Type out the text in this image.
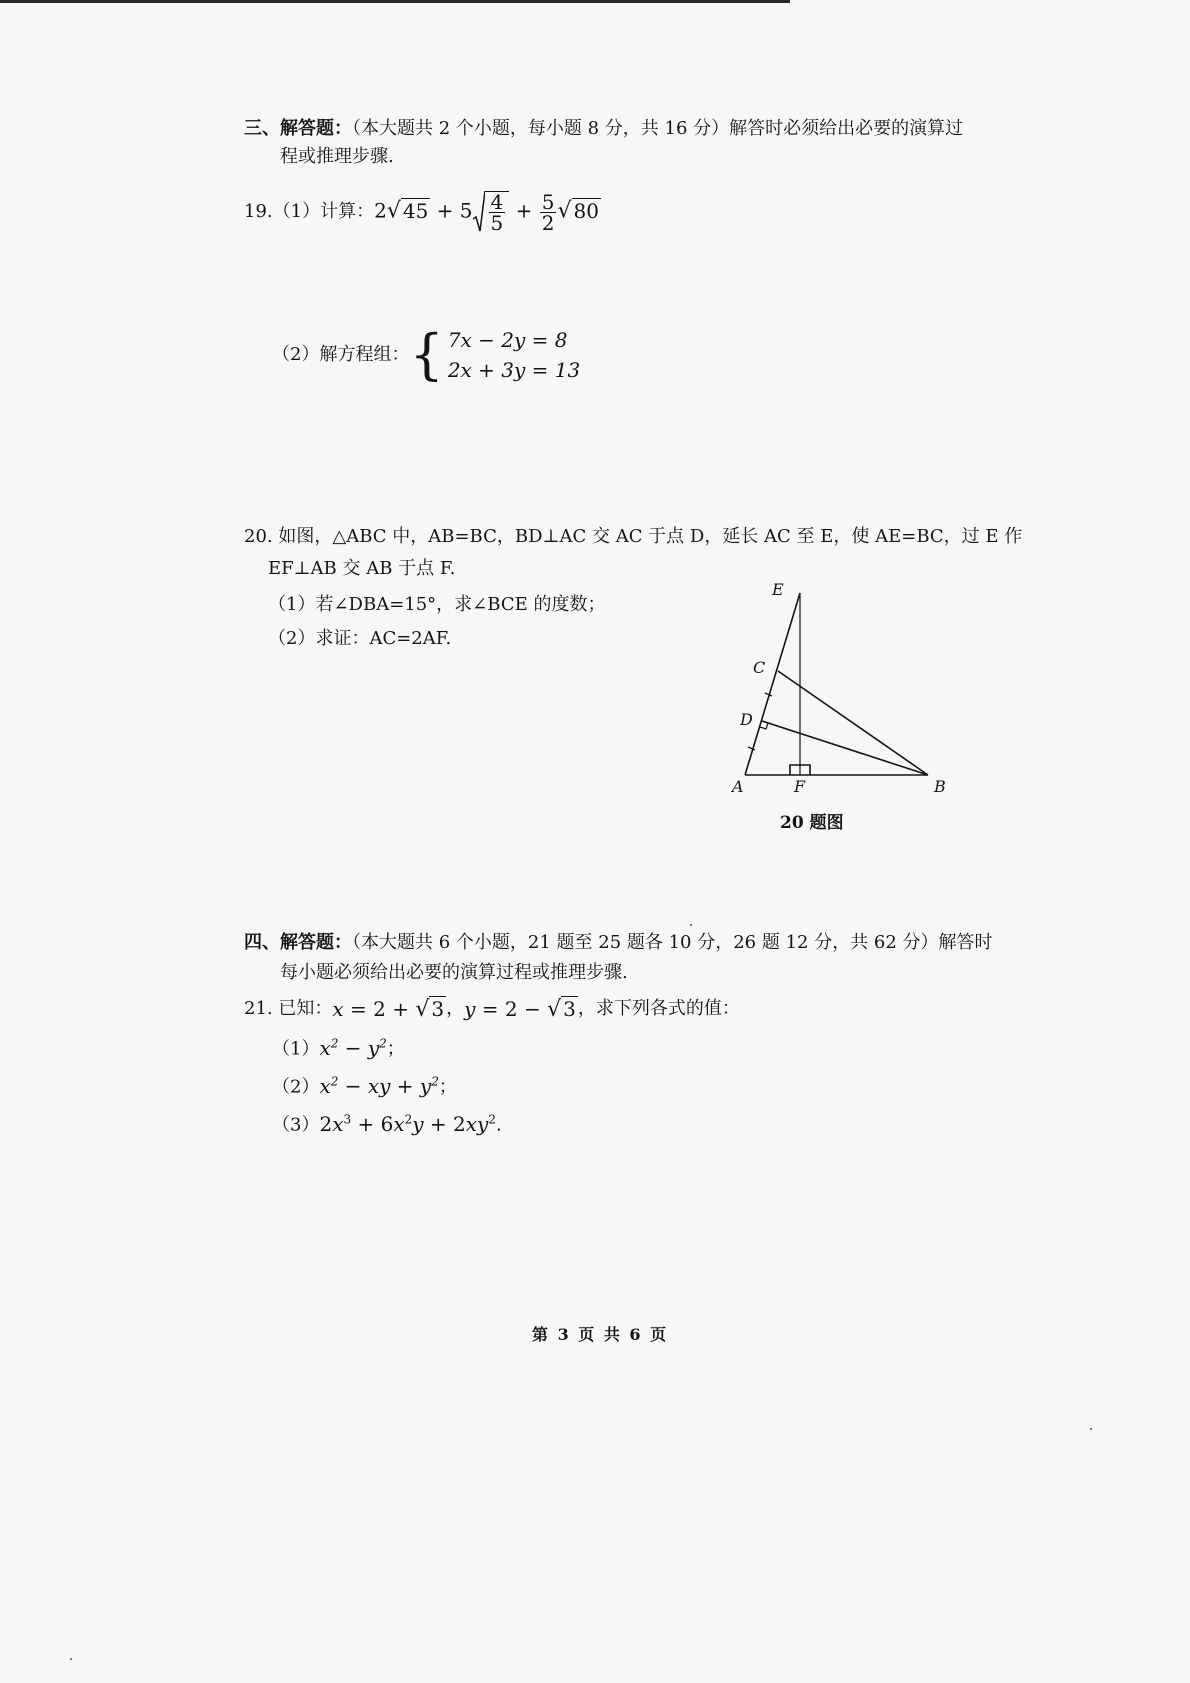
三、解答题：（本大题共 2 个小题，每小题 8 分，共 16 分）解答时必须给出必要的演算过
程或推理步骤.
19. （1）计算： 2√ $45 + 5 \frac{4}{5} + \frac{5}{2}$ √ 80
（2）解方程组： { 7x − 2y = 8
2x + 3y = 13
20. 如图，△ABC 中，AB=BC，BD⊥AC 交 AC 于点 D，延长 AC 至 E，使 AE=BC，过 E 作
EF⊥AB 交 AB 于点 F.
（1）若∠DBA=15°，求∠BCE 的度数；
（2）求证：AC=2AF.
E
C
D
A	F	B
20 题图
四、解答题：（本大题共 6 个小题，21 题至 25 题各 10 分，26 题 12 分，共 62 分）解答时
每小题必须给出必要的演算过程或推理步骤.
21. 已知： x = 2 + √ 3 ， y = 2 − √ 3 ，求下列各式的值：
$(1)x^2 - y^2$；
$(2)x^2$ − xy + $y^2$；
$(3)2x^3 + 6x^2y + 2xy^2$.
第 3 页 共 6 页
